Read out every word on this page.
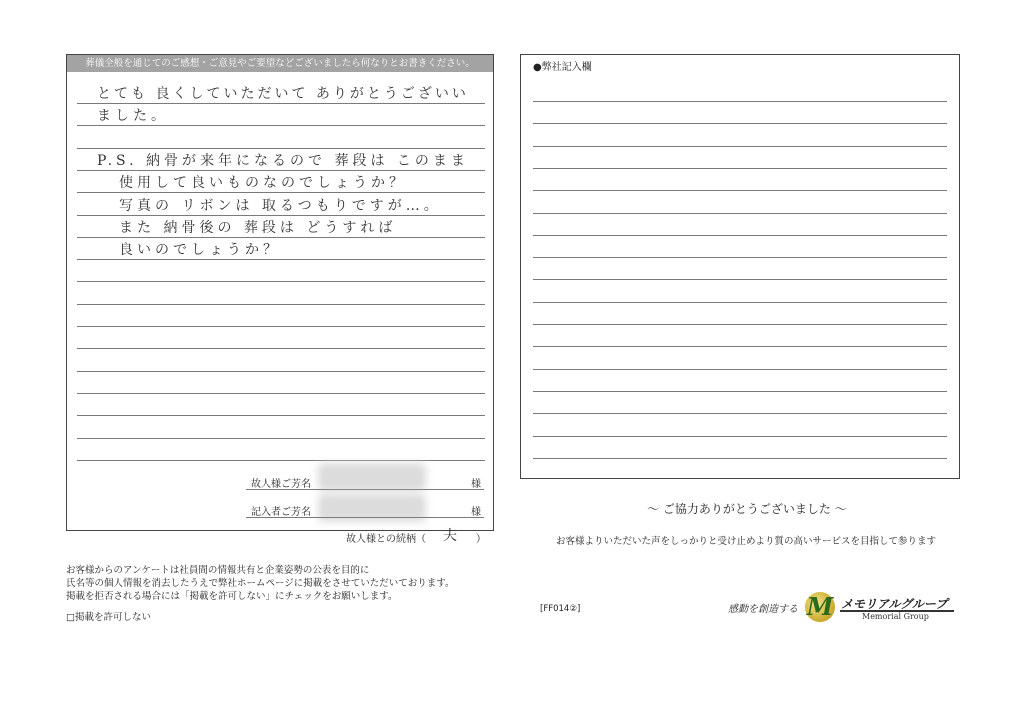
葬儀全般を通じてのご感想・ご意見やご要望などございましたら何なりとお書きください。
とても 良くしていただいて ありがとうございい
ました。
P.S. 納骨が来年になるので 葬段は このまま
使用して良いものなのでしょうか？
写真の リボンは 取るつもりですが…。
また 納骨後の 葬段は どうすれば
良いのでしょうか？
故人様ご芳名	様
記入者ご芳名	様
故人様との続柄（ 夫 ）
●弊社記入欄
～ ご協力ありがとうございました ～
お客様よりいただいた声をしっかりと受け止めより質の高いサービスを目指して参ります
お客様からのアンケートは社員間の情報共有と企業姿勢の公表を目的に
氏名等の個人情報を消去したうえで弊社ホームページに掲載をさせていただいております。
掲載を拒否される場合には「掲載を許可しない」にチェックをお願いします。
□掲載を許可しない
[FF014②]	感動を創造する M メモリアルグループ
Memorial Group
